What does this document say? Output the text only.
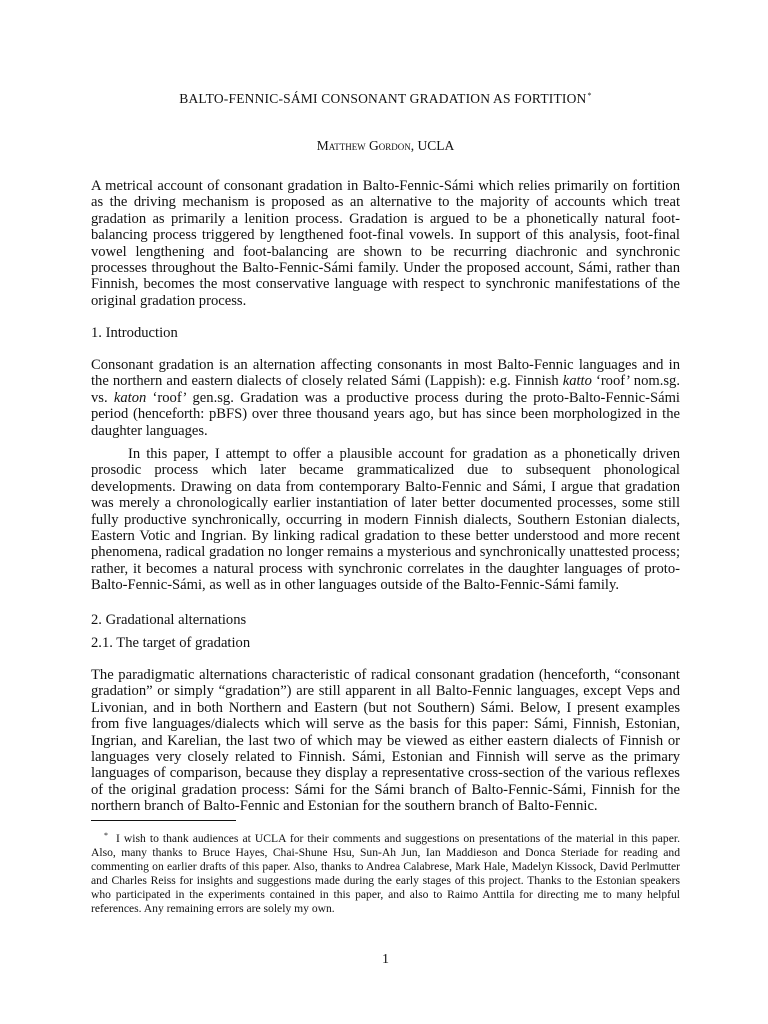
BALTO-FENNIC-SÁMI CONSONANT GRADATION AS FORTITION*
Matthew Gordon, UCLA

A metrical account of consonant gradation in Balto-Fennic-Sámi which relies primarily on fortition as the driving mechanism is proposed as an alternative to the majority of accounts which treat gradation as primarily a lenition process. Gradation is argued to be a phonetically natural foot-balancing process triggered by lengthened foot-final vowels. In support of this analysis, foot-final vowel lengthening and foot-balancing are shown to be recurring diachronic and synchronic processes throughout the Balto-Fennic-Sámi family. Under the proposed account, Sámi, rather than Finnish, becomes the most conservative language with respect to synchronic manifestations of the original gradation process.

1. Introduction

Consonant gradation is an alternation affecting consonants in most Balto-Fennic languages and in the northern and eastern dialects of closely related Sámi (Lappish): e.g. Finnish katto ‘roof’ nom.sg. vs. katon ‘roof’ gen.sg. Gradation was a productive process during the proto-Balto-Fennic-Sámi period (henceforth: pBFS) over three thousand years ago, but has since been morphologized in the daughter languages.

In this paper, I attempt to offer a plausible account for gradation as a phonetically driven prosodic process which later became grammaticalized due to subsequent phonological developments. Drawing on data from contemporary Balto-Fennic and Sámi, I argue that gradation was merely a chronologically earlier instantiation of later better documented processes, some still fully productive synchronically, occurring in modern Finnish dialects, Southern Estonian dialects, Eastern Votic and Ingrian. By linking radical gradation to these better understood and more recent phenomena, radical gradation no longer remains a mysterious and synchronically unattested process; rather, it becomes a natural process with synchronic correlates in the daughter languages of proto-Balto-Fennic-Sámi, as well as in other languages outside of the Balto-Fennic-Sámi family.

2. Gradational alternations

2.1. The target of gradation

The paradigmatic alternations characteristic of radical consonant gradation (henceforth, “consonant gradation” or simply “gradation”) are still apparent in all Balto-Fennic languages, except Veps and Livonian, and in both Northern and Eastern (but not Southern) Sámi. Below, I present examples from five languages/dialects which will serve as the basis for this paper: Sámi, Finnish, Estonian, Ingrian, and Karelian, the last two of which may be viewed as either eastern dialects of Finnish or languages very closely related to Finnish. Sámi, Estonian and Finnish will serve as the primary languages of comparison, because they display a representative cross-section of the various reflexes of the original gradation process: Sámi for the Sámi branch of Balto-Fennic-Sámi, Finnish for the northern branch of Balto-Fennic and Estonian for the southern branch of Balto-Fennic.

* I wish to thank audiences at UCLA for their comments and suggestions on presentations of the material in this paper. Also, many thanks to Bruce Hayes, Chai-Shune Hsu, Sun-Ah Jun, Ian Maddieson and Donca Steriade for reading and commenting on earlier drafts of this paper. Also, thanks to Andrea Calabrese, Mark Hale, Madelyn Kissock, David Perlmutter and Charles Reiss for insights and suggestions made during the early stages of this project. Thanks to the Estonian speakers who participated in the experiments contained in this paper, and also to Raimo Anttila for directing me to many helpful references. Any remaining errors are solely my own.

1
